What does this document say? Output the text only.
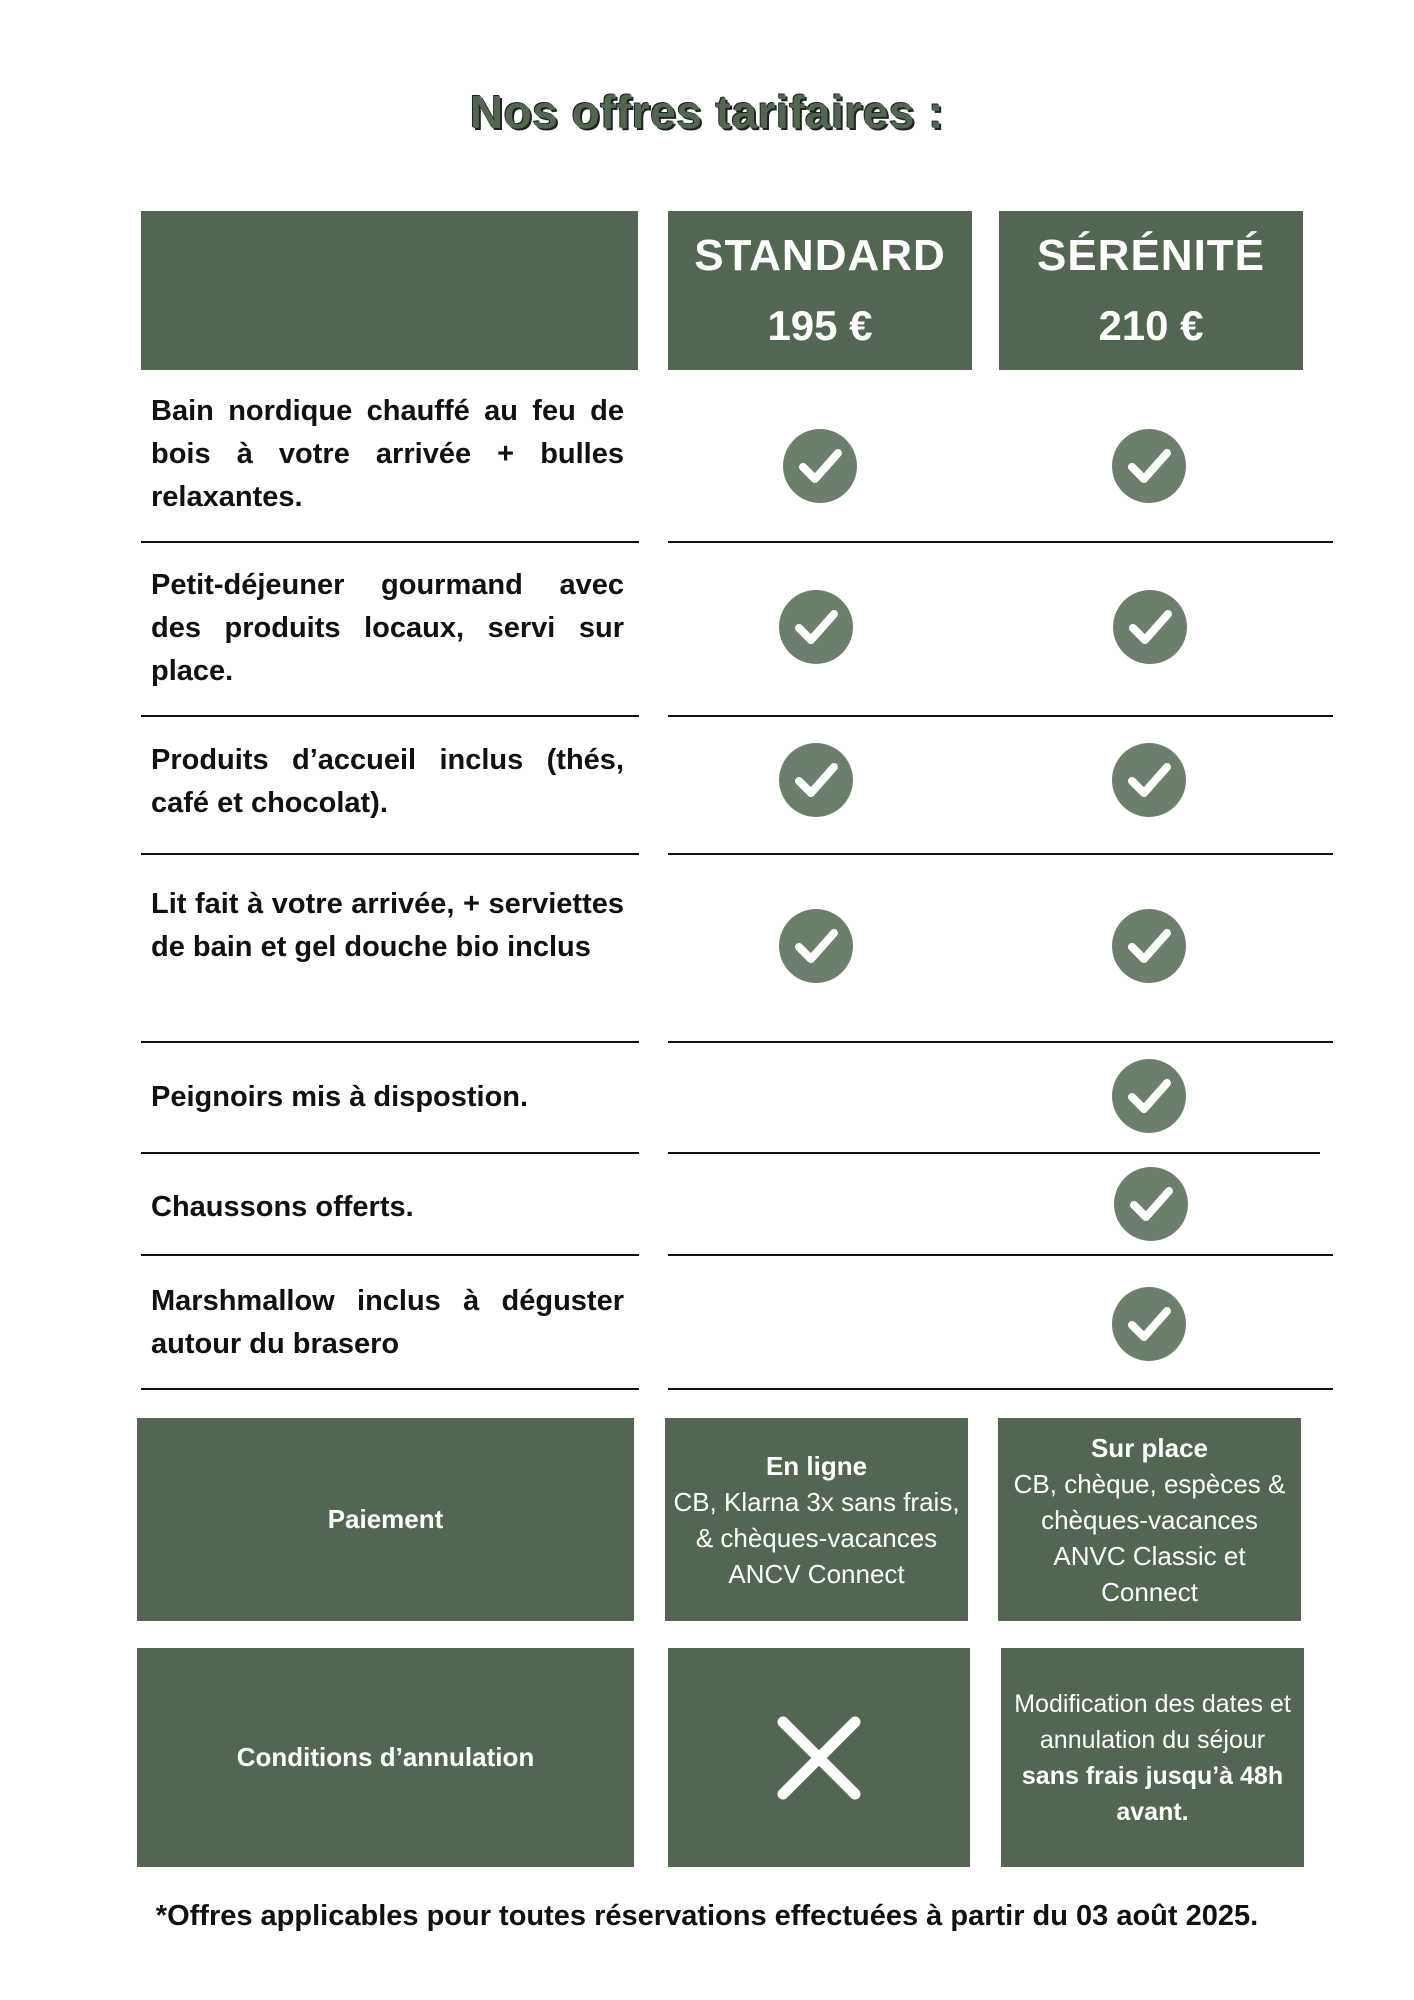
Nos offres tarifaires :
STANDARD
195 €
SÉRÉNITÉ
210 €
Bain nordique chauffé au feu de bois à votre arrivée + bulles relaxantes.
Petit-déjeuner gourmand avec des produits locaux, servi sur place.
Produits d’accueil inclus (thés, café et chocolat).
Lit fait à votre arrivée, + serviettes de bain et gel douche bio inclus
Peignoirs mis à dispostion.
Chaussons offerts.
Marshmallow inclus à déguster autour du brasero
Paiement
En ligne
CB, Klarna 3x sans frais, & chèques-vacances ANCV Connect
Sur place
CB, chèque, espèces & chèques-vacances ANVC Classic et Connect
Conditions d’annulation
Modification des dates et annulation du séjour
sans frais jusqu’à 48h avant.
*Offres applicables pour toutes réservations effectuées à partir du 03 août 2025.
